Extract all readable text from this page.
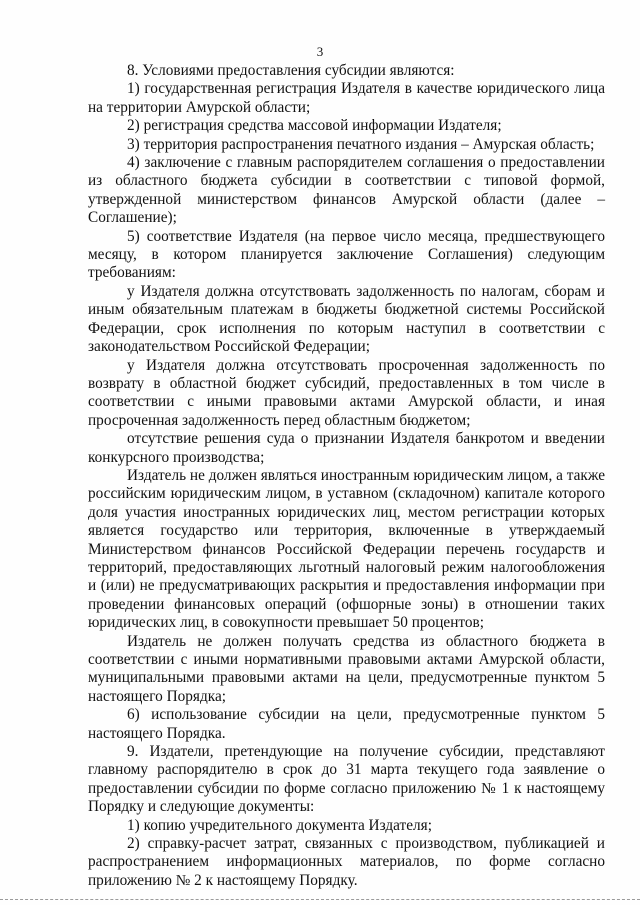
3

8. Условиями предоставления субсидии являются:

1) государственная регистрация Издателя в качестве юридического лица на территории Амурской области;

2) регистрация средства массовой информации Издателя;

3) территория распространения печатного издания – Амурская область;

4) заключение с главным распорядителем соглашения о предоставлении из областного бюджета субсидии в соответствии с типовой формой, утвержденной министерством финансов Амурской области (далее – Соглашение);

5) соответствие Издателя (на первое число месяца, предшествующего месяцу, в котором планируется заключение Соглашения) следующим требованиям:

у Издателя должна отсутствовать задолженность по налогам, сборам и иным обязательным платежам в бюджеты бюджетной системы Российской Федерации, срок исполнения по которым наступил в соответствии с законодательством Российской Федерации;

у Издателя должна отсутствовать просроченная задолженность по возврату в областной бюджет субсидий, предоставленных в том числе в соответствии с иными правовыми актами Амурской области, и иная просроченная задолженность перед областным бюджетом;

отсутствие решения суда о признании Издателя банкротом и введении конкурсного производства;

Издатель не должен являться иностранным юридическим лицом, а также российским юридическим лицом, в уставном (складочном) капитале которого доля участия иностранных юридических лиц, местом регистрации которых является государство или территория, включенные в утверждаемый Министерством финансов Российской Федерации перечень государств и территорий, предоставляющих льготный налоговый режим налогообложения и (или) не предусматривающих раскрытия и предоставления информации при проведении финансовых операций (офшорные зоны) в отношении таких юридических лиц, в совокупности превышает 50 процентов;

Издатель не должен получать средства из областного бюджета в соответствии с иными нормативными правовыми актами Амурской области, муниципальными правовыми актами на цели, предусмотренные пунктом 5 настоящего Порядка;

6) использование субсидии на цели, предусмотренные пунктом 5 настоящего Порядка.

9. Издатели, претендующие на получение субсидии, представляют главному распорядителю в срок до 31 марта текущего года заявление о предоставлении субсидии по форме согласно приложению № 1 к настоящему Порядку и следующие документы:

1) копию учредительного документа Издателя;

2) справку-расчет затрат, связанных с производством, публикацией и распространением информационных материалов, по форме согласно приложению № 2 к настоящему Порядку.
